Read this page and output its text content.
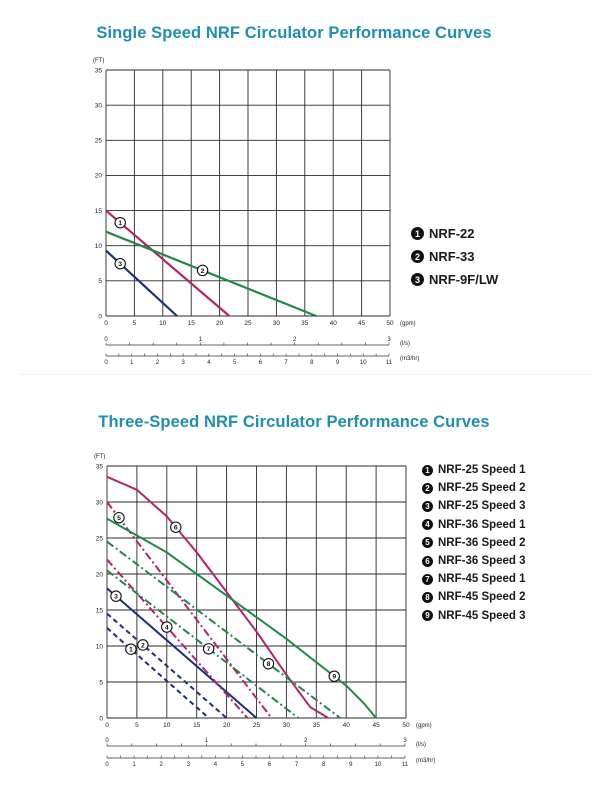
Single Speed NRF Circulator Performance Curves
Three-Speed NRF Circulator Performance Curves
0
5
10
15
20
25
30
35
(FT)
0	5	10	15	20	25	30	35	40	45	50 (gpm)
0	1	2	3
(l/s)
0	1	2	3	4	5	6	7	8	9	10	11
(m3/hr)
1
2
3
0
5
10
15
20
25
30
35
(FT)
0	5	10	15	20	25	30	35	40	45	50 (gpm)
0	1	2	3
(l/s)
0	1	2	3	4	5	6	7	8	9	10	11
(m3/hr)
1
2
3
4
5
6
7
8
9
1 NRF-22
2 NRF-33
3 NRF-9F/LW
1 NRF-25 Speed 1
2 NRF-25 Speed 2
3 NRF-25 Speed 3
4 NRF-36 Speed 1
5 NRF-36 Speed 2
6 NRF-36 Speed 3
7 NRF-45 Speed 1
8 NRF-45 Speed 2
9 NRF-45 Speed 3
